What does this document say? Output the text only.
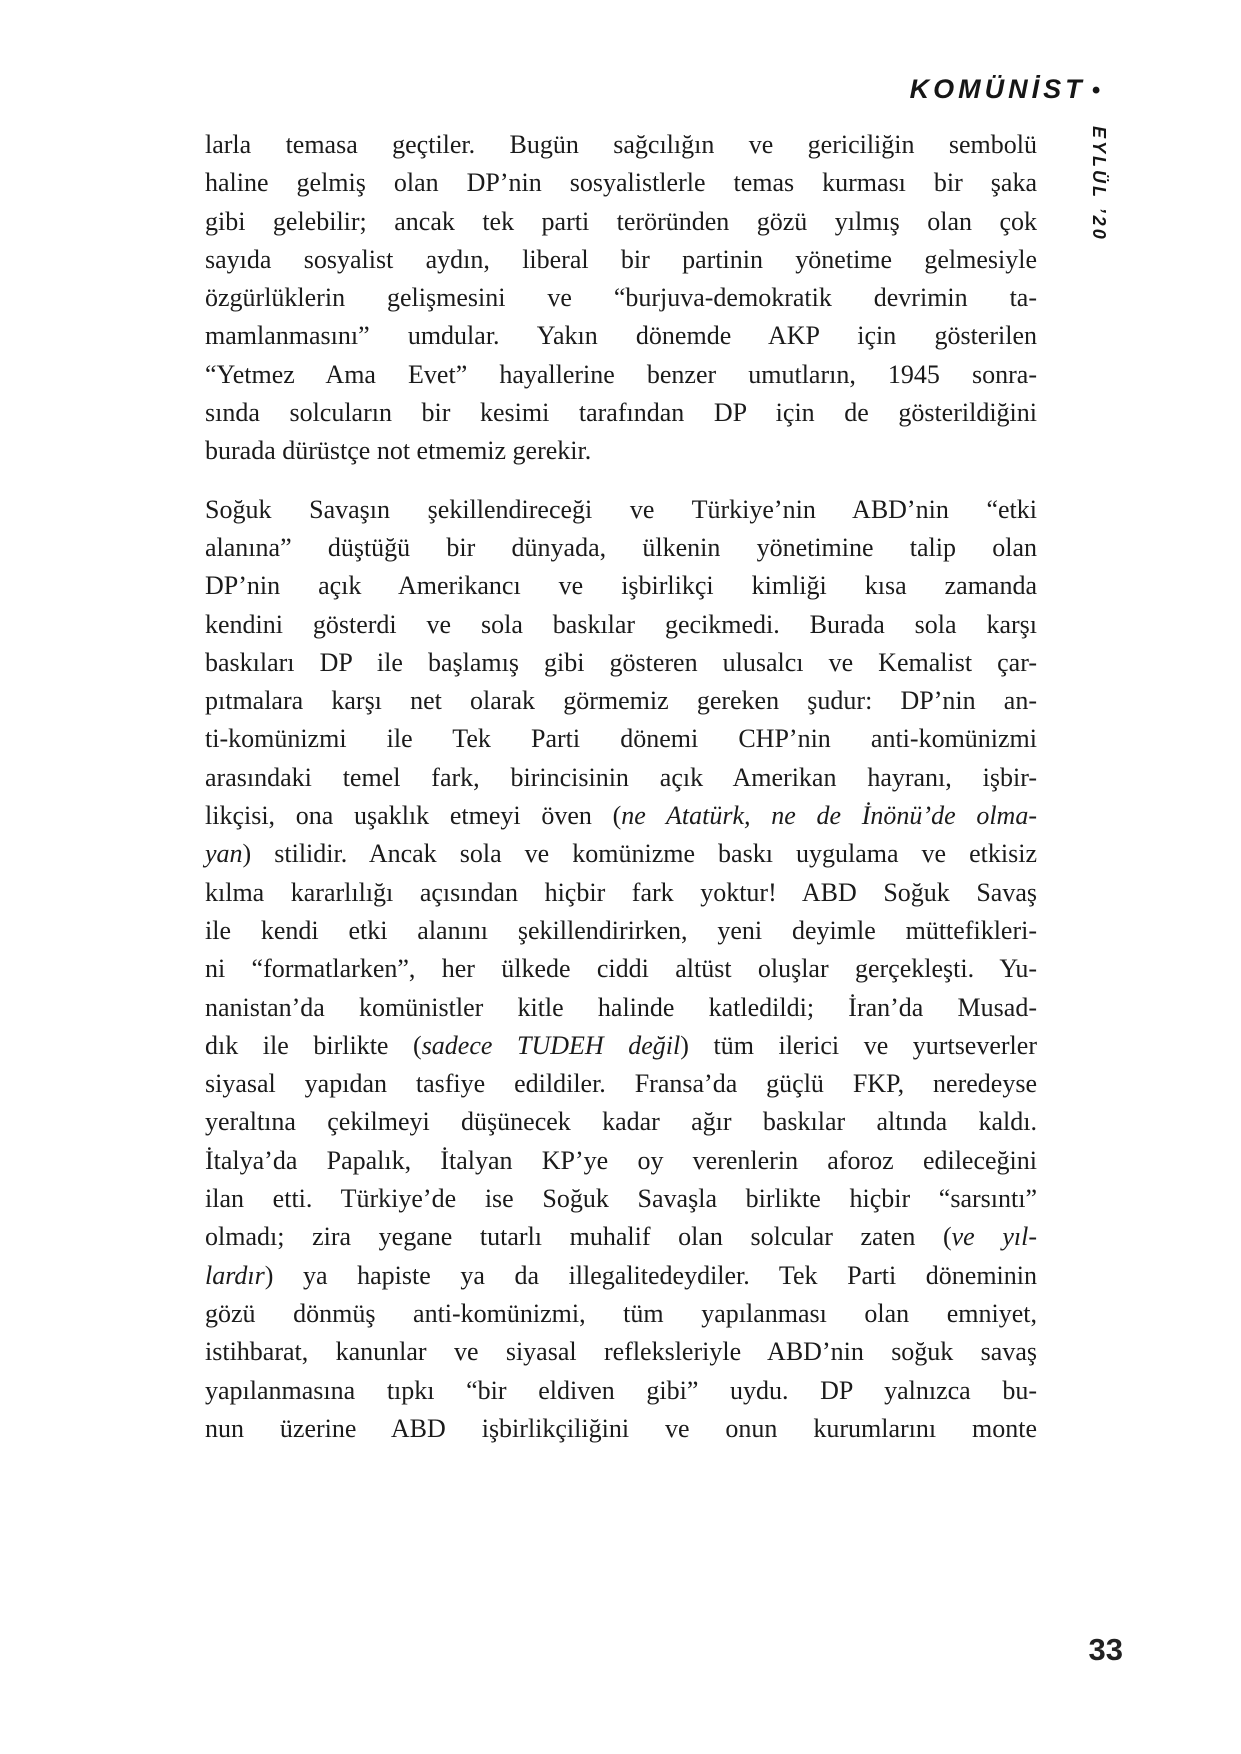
KOMÜNİST •
EYLÜL ’20
larla temasa geçtiler. Bugün sağcılığın ve gericiliğin sembolü
haline gelmiş olan DP’nin sosyalistlerle temas kurması bir şaka
gibi gelebilir; ancak tek parti teröründen gözü yılmış olan çok
sayıda sosyalist aydın, liberal bir partinin yönetime gelmesiyle
özgürlüklerin gelişmesini ve “burjuva-demokratik devrimin ta-
mamlanmasını” umdular. Yakın dönemde AKP için gösterilen
“Yetmez Ama Evet” hayallerine benzer umutların, 1945 sonra-
sında solcuların bir kesimi tarafından DP için de gösterildiğini
burada dürüstçe not etmemiz gerekir.
Soğuk Savaşın şekillendireceği ve Türkiye’nin ABD’nin “etki
alanına” düştüğü bir dünyada, ülkenin yönetimine talip olan
DP’nin açık Amerikancı ve işbirlikçi kimliği kısa zamanda
kendini gösterdi ve sola baskılar gecikmedi. Burada sola karşı
baskıları DP ile başlamış gibi gösteren ulusalcı ve Kemalist çar-
pıtmalara karşı net olarak görmemiz gereken şudur: DP’nin an-
ti-komünizmi ile Tek Parti dönemi CHP’nin anti-komünizmi
arasındaki temel fark, birincisinin açık Amerikan hayranı, işbir-
likçisi, ona uşaklık etmeyi öven (ne Atatürk, ne de İnönü’de olma-
yan) stilidir. Ancak sola ve komünizme baskı uygulama ve etkisiz
kılma kararlılığı açısından hiçbir fark yoktur! ABD Soğuk Savaş
ile kendi etki alanını şekillendirirken, yeni deyimle müttefikleri-
ni “formatlarken”, her ülkede ciddi altüst oluşlar gerçekleşti. Yu-
nanistan’da komünistler kitle halinde katledildi; İran’da Musad-
dık ile birlikte (sadece TUDEH değil) tüm ilerici ve yurtseverler
siyasal yapıdan tasfiye edildiler. Fransa’da güçlü FKP, neredeyse
yeraltına çekilmeyi düşünecek kadar ağır baskılar altında kaldı.
İtalya’da Papalık, İtalyan KP’ye oy verenlerin aforoz edileceğini
ilan etti. Türkiye’de ise Soğuk Savaşla birlikte hiçbir “sarsıntı”
olmadı; zira yegane tutarlı muhalif olan solcular zaten (ve yıl-
lardır) ya hapiste ya da illegalitedeydiler. Tek Parti döneminin
gözü dönmüş anti-komünizmi, tüm yapılanması olan emniyet,
istihbarat, kanunlar ve siyasal refleksleriyle ABD’nin soğuk savaş
yapılanmasına tıpkı “bir eldiven gibi” uydu. DP yalnızca bu-
nun üzerine ABD işbirlikçiliğini ve onun kurumlarını monte
33
